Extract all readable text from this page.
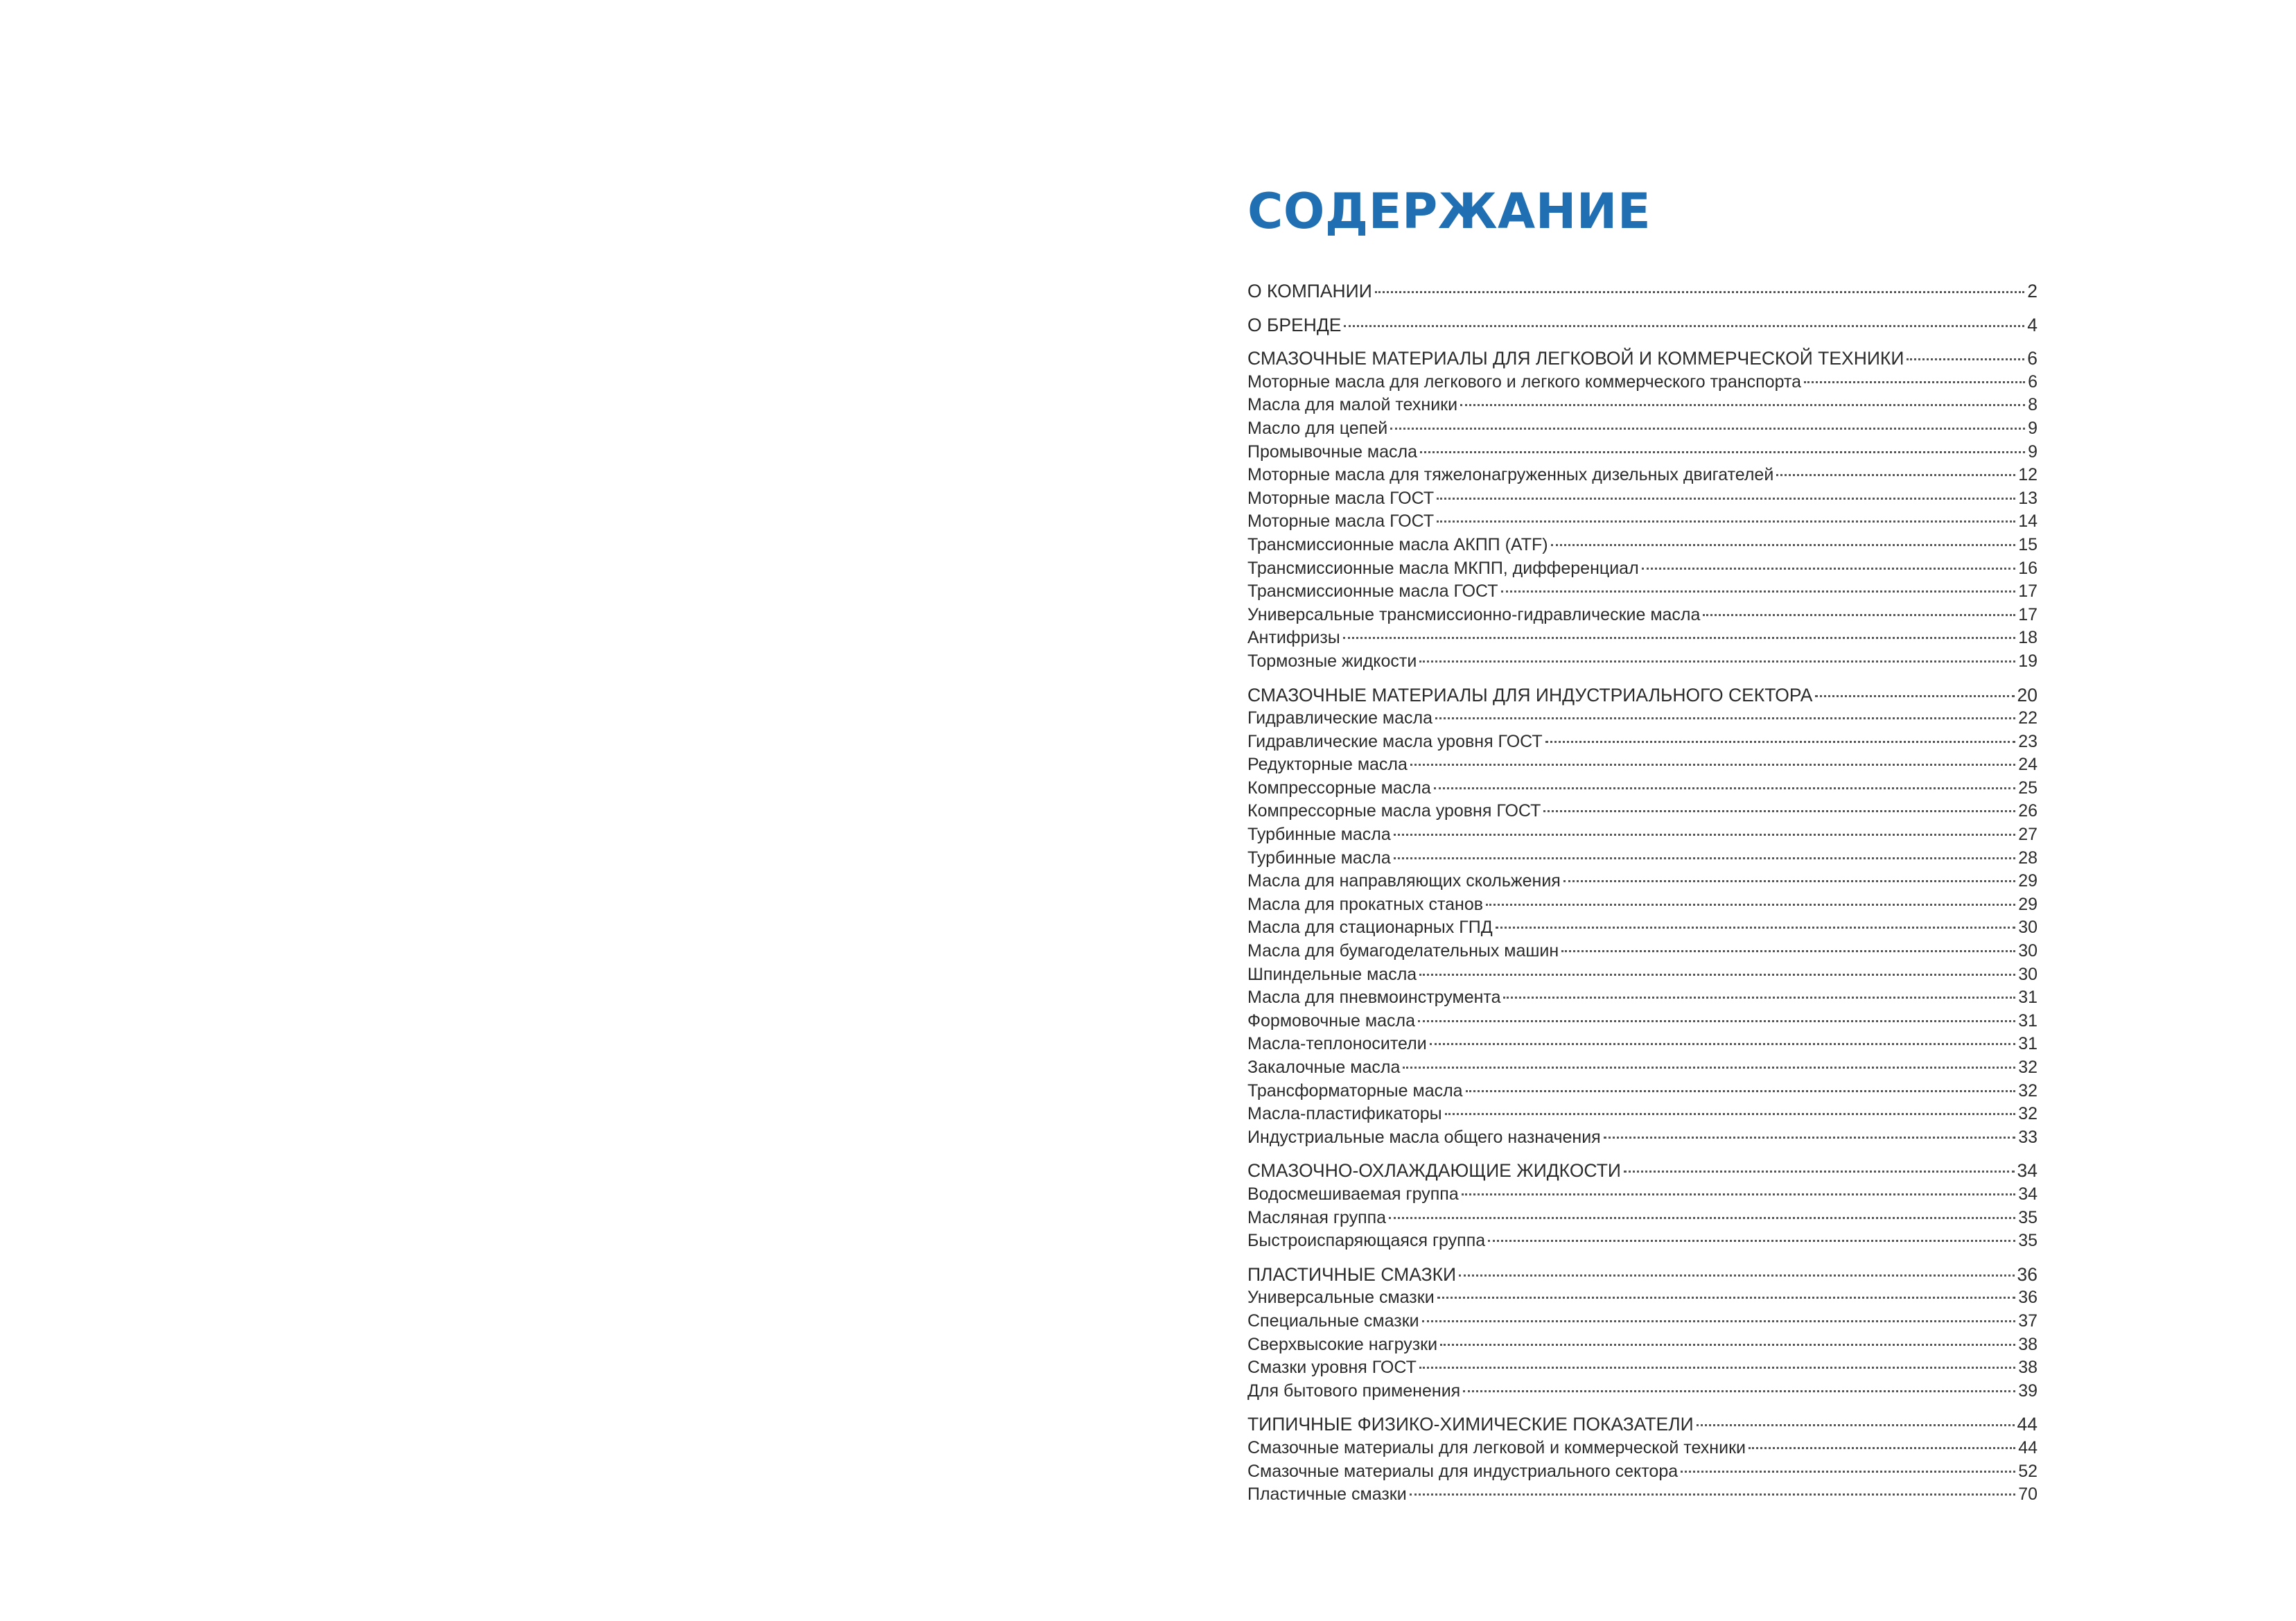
СОДЕРЖАНИЕ
О КОМПАНИИ	2
О БРЕНДЕ	4
СМАЗОЧНЫЕ МАТЕРИАЛЫ ДЛЯ ЛЕГКОВОЙ И КОММЕРЧЕСКОЙ ТЕХНИКИ	6
Моторные масла для легкового и легкого коммерческого транспорта	6
Масла для малой техники	8
Масло для цепей	9
Промывочные масла	9
Моторные масла для тяжелонагруженных дизельных двигателей	12
Моторные масла ГОСТ	13
Моторные масла ГОСТ	14
Трансмиссионные масла АКПП (ATF)	15
Трансмиссионные масла МКПП, дифференциал	16
Трансмиссионные масла ГОСТ	17
Универсальные трансмиссионно-гидравлические масла	17
Антифризы	18
Тормозные жидкости	19
СМАЗОЧНЫЕ МАТЕРИАЛЫ ДЛЯ ИНДУСТРИАЛЬНОГО СЕКТОРА	20
Гидравлические масла	22
Гидравлические масла уровня ГОСТ	23
Редукторные масла	24
Компрессорные масла	25
Компрессорные масла уровня ГОСТ	26
Турбинные масла	27
Турбинные масла	28
Масла для направляющих скольжения	29
Масла для прокатных станов	29
Масла для стационарных ГПД	30
Масла для бумагоделательных машин	30
Шпиндельные масла	30
Масла для пневмоинструмента	31
Формовочные масла	31
Масла-теплоносители	31
Закалочные масла	32
Трансформаторные масла	32
Масла-пластификаторы	32
Индустриальные масла общего назначения	33
СМАЗОЧНО-ОХЛАЖДАЮЩИЕ ЖИДКОСТИ	34
Водосмешиваемая группа	34
Масляная группа	35
Быстроиспаряющаяся группа	35
ПЛАСТИЧНЫЕ СМАЗКИ	36
Универсальные смазки	36
Специальные смазки	37
Сверхвысокие нагрузки	38
Смазки уровня ГОСТ	38
Для бытового применения	39
ТИПИЧНЫЕ ФИЗИКО-ХИМИЧЕСКИЕ ПОКАЗАТЕЛИ	44
Смазочные материалы для легковой и коммерческой техники	44
Смазочные материалы для индустриального сектора	52
Пластичные смазки	70
